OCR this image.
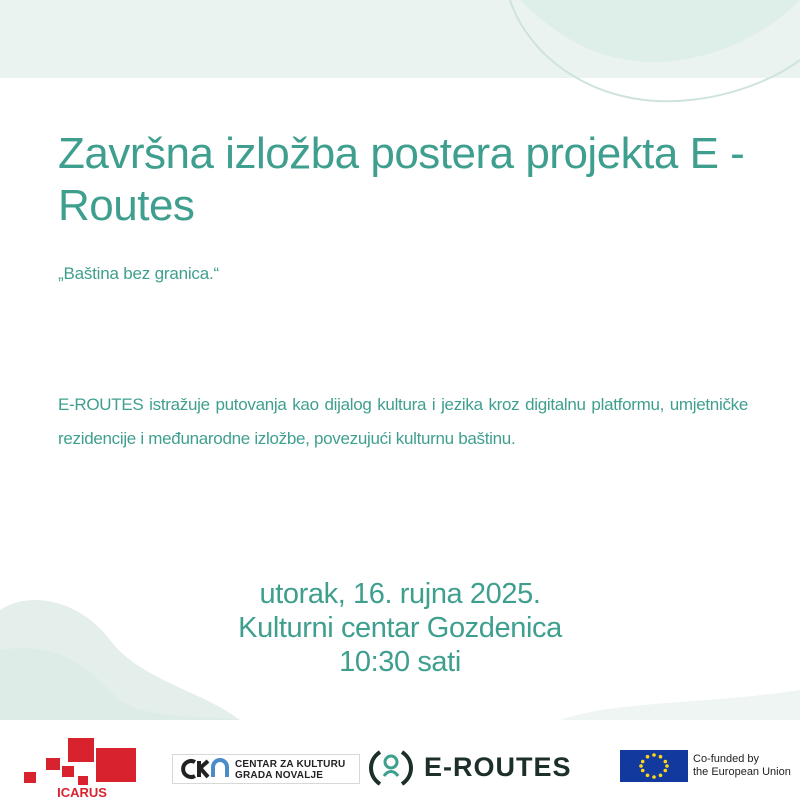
Završna izložba postera projekta E - Routes
„Baština bez granica.“
E-ROUTES istražuje putovanja kao dijalog kultura i jezika kroz digitalnu platformu, umjetničke rezidencije i međunarodne izložbe, povezujući kulturnu baštinu.
utorak, 16. rujna 2025.
Kulturni centar Gozdenica
10:30 sati
ICARUS
CENTAR ZA KULTURU
GRADA NOVALJE	E-ROUTES	Co-funded by
the European Union
